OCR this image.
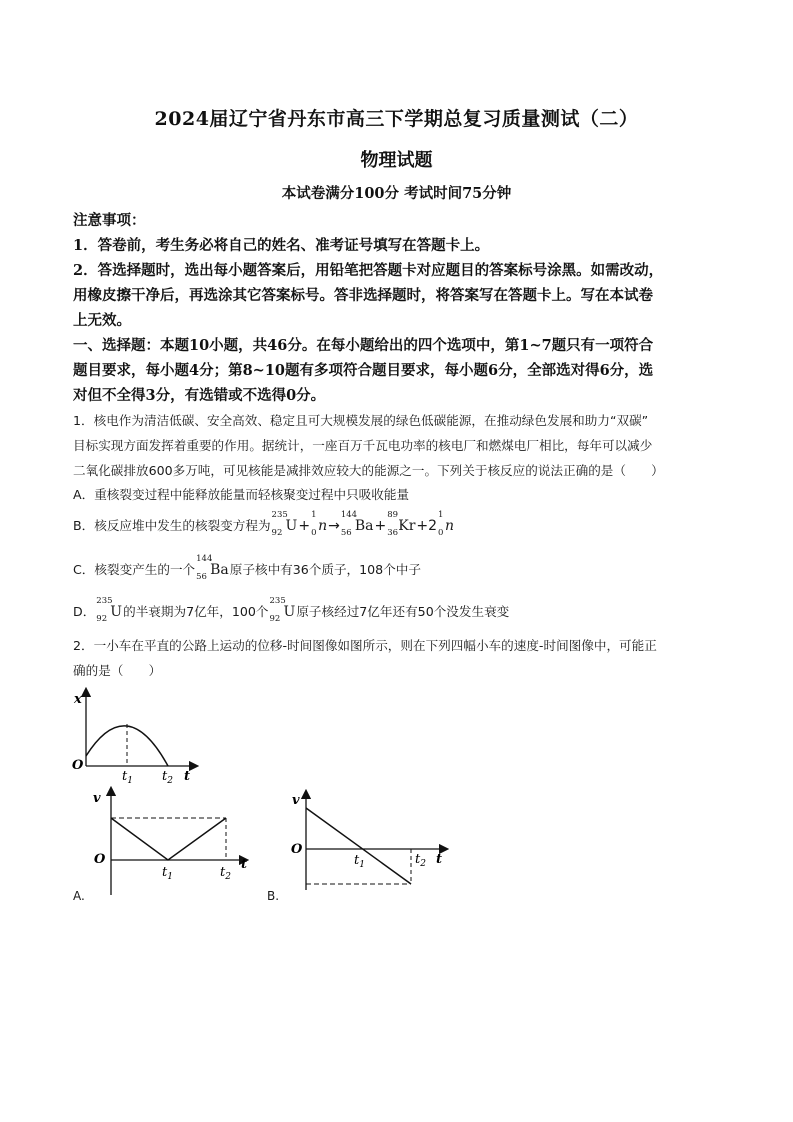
2024届辽宁省丹东市高三下学期总复习质量测试（二）
物理试题
本试卷满分100分 考试时间75分钟
注意事项：
1．答卷前，考生务必将自己的姓名、准考证号填写在答题卡上。
2．答选择题时，选出每小题答案后，用铅笔把答题卡对应题目的答案标号涂黑。如需改动，
用橡皮擦干净后，再选涂其它答案标号。答非选择题时，将答案写在答题卡上。写在本试卷
上无效。
一、选择题：本题10小题，共46分。在每小题给出的四个选项中，第1~7题只有一项符合
题目要求，每小题4分；第8~10题有多项符合题目要求，每小题6分，全部选对得6分，选
对但不全得3分，有选错或不选得0分。
1．核电作为清洁低碳、安全高效、稳定且可大规模发展的绿色低碳能源，在推动绿色发展和助力“双碳”
目标实现方面发挥着重要的作用。据统计，一座百万千瓦电功率的核电厂和燃煤电厂相比，每年可以减少
二氧化碳排放600多万吨，可见核能是减排效应较大的能源之一。下列关于核反应的说法正确的是（　　）
A．重核裂变过程中能释放能量而轻核聚变过程中只吸收能量
B．核反应堆中发生的核裂变方程为
235
92 U+
1
0 n→
144
56 Ba+
89
36 Kr+2
1
0 n
C．核裂变产生的一个
144
56 Ba原子核中有36个质子，108个中子
D．
235
92 U的半衰期为7亿年，100个
235
92 U原子核经过7亿年还有50个没发生衰变
2．一小车在平直的公路上运动的位移-时间图像如图所示，则在下列四幅小车的速度-时间图像中，可能正
确的是（　　）
x
O
$t_1$ $t_2$ t
v
O
$t_1$	$t_2$
t
A.
v
O
$t_1$	$t_2$ t
B.
